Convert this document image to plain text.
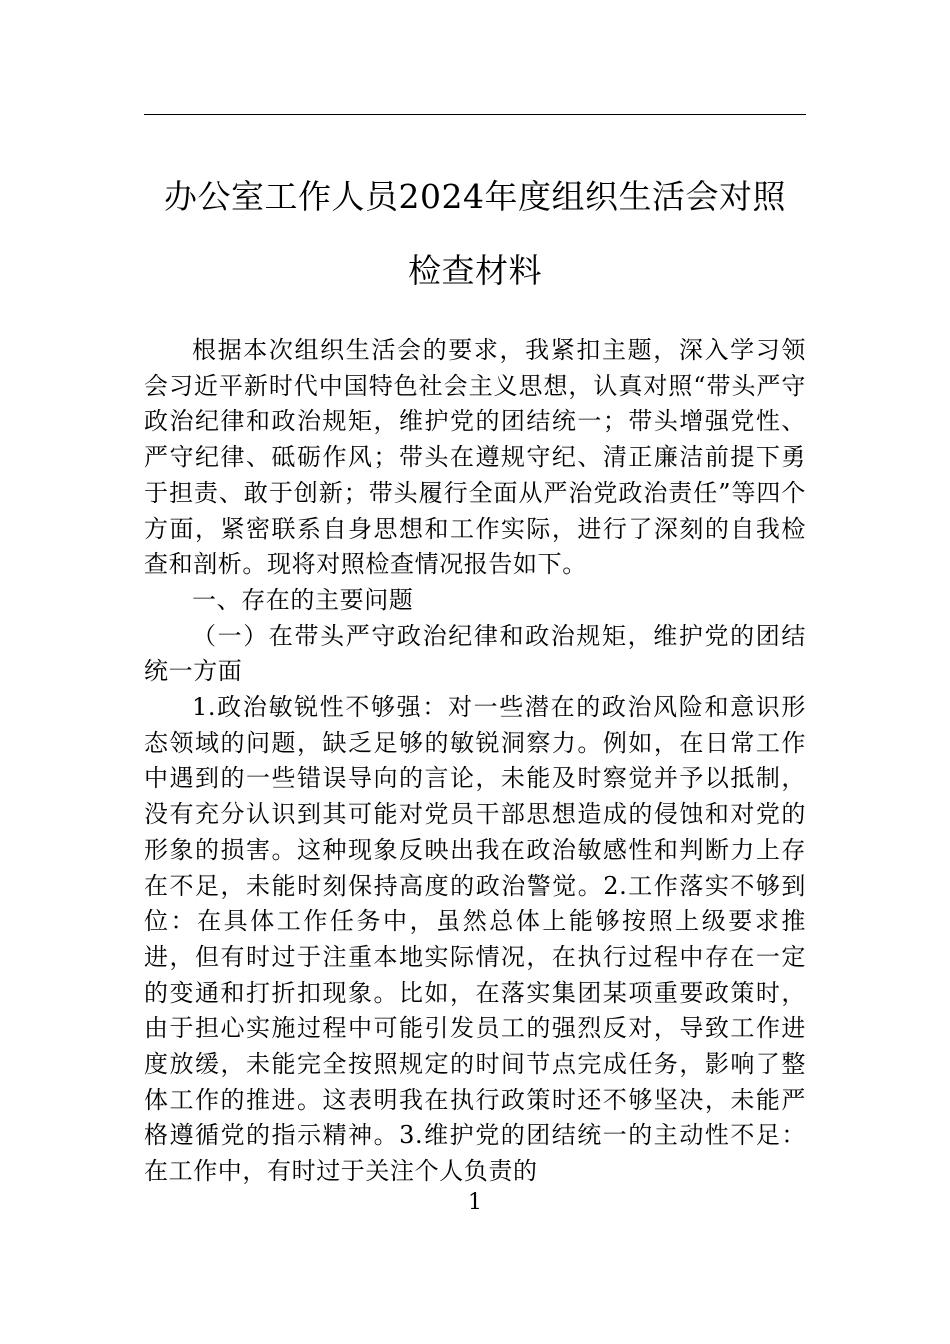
办公室工作人员2024年度组织生活会对照
检查材料

根据本次组织生活会的要求，我紧扣主题，深入学习领会习近平新时代中国特色社会主义思想，认真对照“带头严守政治纪律和政治规矩，维护党的团结统一；带头增强党性、严守纪律、砥砺作风；带头在遵规守纪、清正廉洁前提下勇于担责、敢于创新；带头履行全面从严治党政治责任”等四个方面，紧密联系自身思想和工作实际，进行了深刻的自我检查和剖析。现将对照检查情况报告如下。

一、存在的主要问题

（一）在带头严守政治纪律和政治规矩，维护党的团结统一方面

1.政治敏锐性不够强：对一些潜在的政治风险和意识形态领域的问题，缺乏足够的敏锐洞察力。例如，在日常工作中遇到的一些错误导向的言论，未能及时察觉并予以抵制，没有充分认识到其可能对党员干部思想造成的侵蚀和对党的形象的损害。这种现象反映出我在政治敏感性和判断力上存在不足，未能时刻保持高度的政治警觉。2.工作落实不够到位：在具体工作任务中，虽然总体上能够按照上级要求推进，但有时过于注重本地实际情况，在执行过程中存在一定的变通和打折扣现象。比如，在落实集团某项重要政策时，由于担心实施过程中可能引发员工的强烈反对，导致工作进度放缓，未能完全按照规定的时间节点完成任务，影响了整体工作的推进。这表明我在执行政策时还不够坚决，未能严格遵循党的指示精神。3.维护党的团结统一的主动性不足：在工作中，有时过于关注个人负责的

1
